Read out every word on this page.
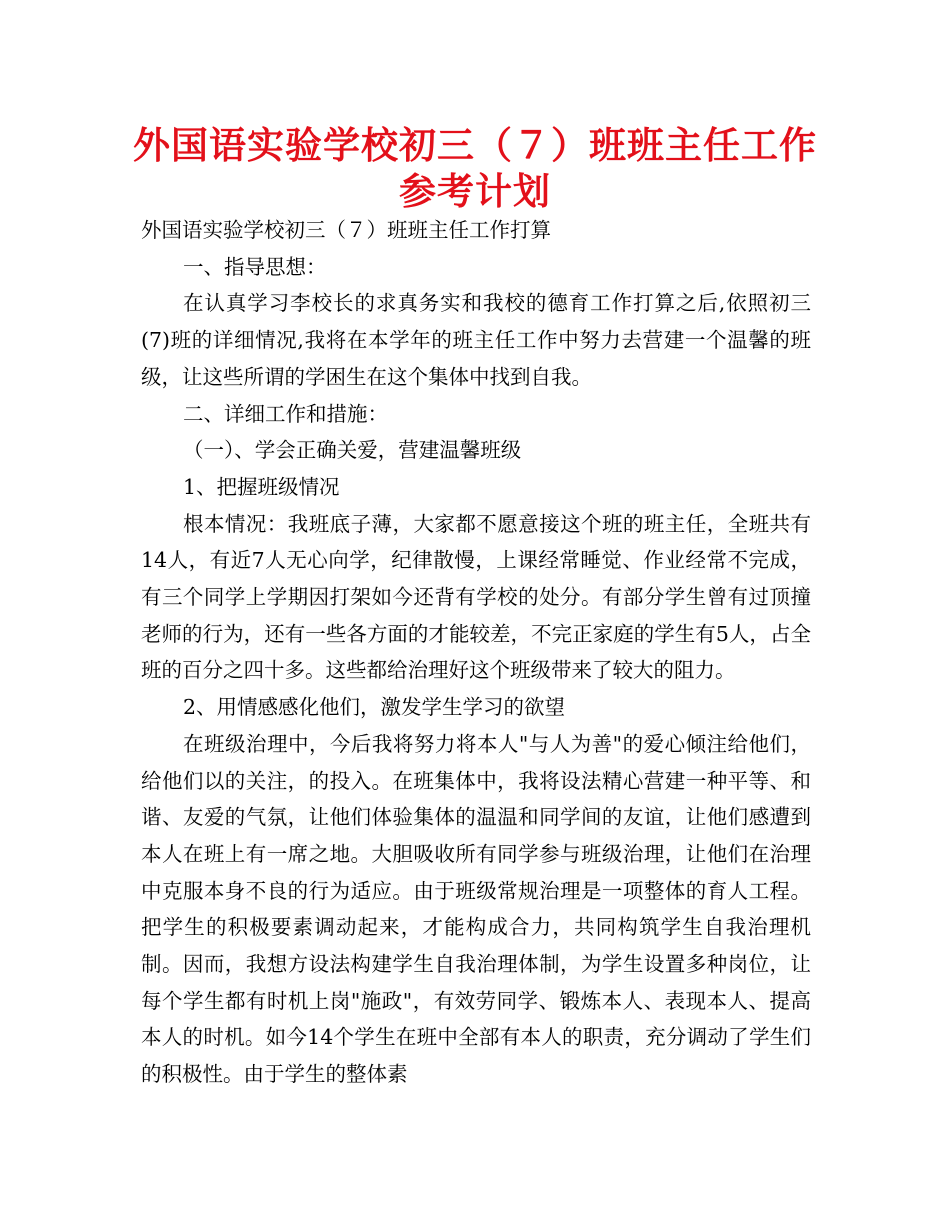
外国语实验学校初三（７）班班主任工作
参考计划

外国语实验学校初三（７）班班主任工作打算

一、指导思想：

在认真学习李校长的求真务实和我校的德育工作打算之后,依照初三(7)班的详细情况,我将在本学年的班主任工作中努力去营建一个温馨的班级，让这些所谓的学困生在这个集体中找到自我。

二、详细工作和措施：

（一）、学会正确关爱，营建温馨班级

1、把握班级情况

根本情况：我班底子薄，大家都不愿意接这个班的班主任，全班共有14人，有近7人无心向学，纪律散慢，上课经常睡觉、作业经常不完成，有三个同学上学期因打架如今还背有学校的处分。有部分学生曾有过顶撞老师的行为，还有一些各方面的才能较差，不完正家庭的学生有5人，占全班的百分之四十多。这些都给治理好这个班级带来了较大的阻力。

2、用情感感化他们，激发学生学习的欲望

在班级治理中，今后我将努力将本人"与人为善"的爱心倾注给他们，给他们以的关注，的投入。在班集体中，我将设法精心营建一种平等、和谐、友爱的气氛，让他们体验集体的温温和同学间的友谊，让他们感遭到本人在班上有一席之地。大胆吸收所有同学参与班级治理，让他们在治理中克服本身不良的行为适应。由于班级常规治理是一项整体的育人工程。把学生的积极要素调动起来，才能构成合力，共同构筑学生自我治理机制。因而，我想方设法构建学生自我治理体制，为学生设置多种岗位，让每个学生都有时机上岗"施政"，有效劳同学、锻炼本人、表现本人、提高本人的时机。如今14个学生在班中全部有本人的职责，充分调动了学生们的积极性。由于学生的整体素
